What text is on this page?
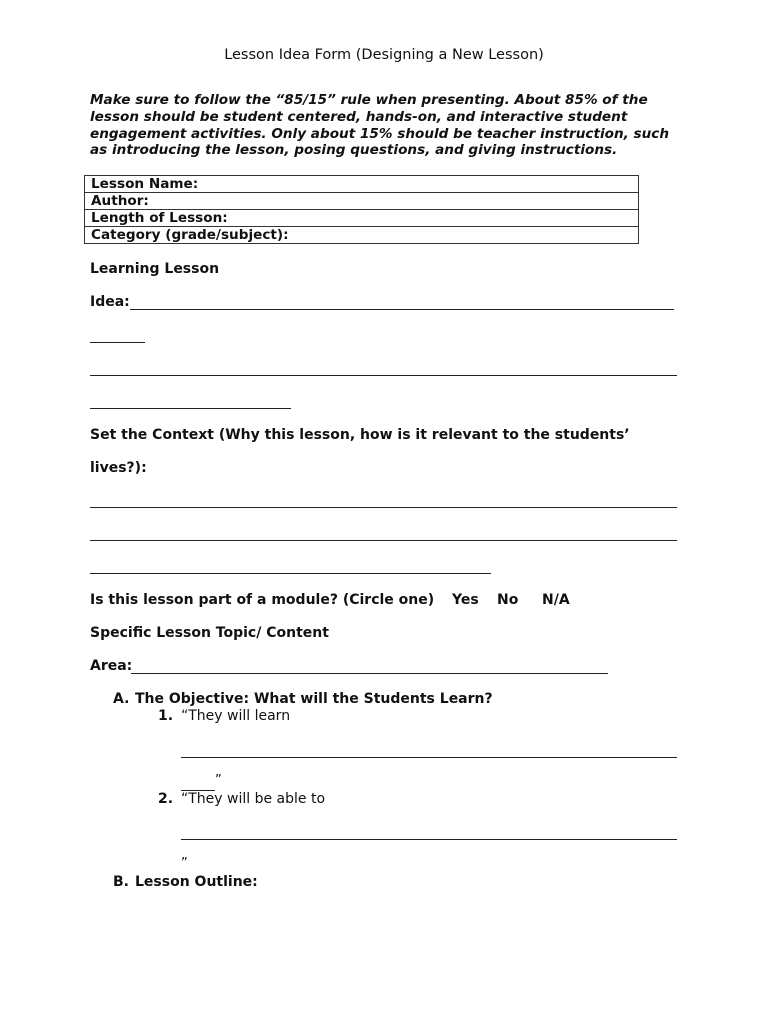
Lesson Idea Form (Designing a New Lesson)

Make sure to follow the “85/15” rule when presenting. About 85% of the lesson should be student centered, hands-on, and interactive student engagement activities. Only about 15% should be teacher instruction, such as introducing the lesson, posing questions, and giving instructions.

Lesson Name:
Author:
Length of Lesson:
Category (grade/subject):
Learning Lesson
Idea:
Set the Context (Why this lesson, how is it relevant to the students’
lives?):
Is this lesson part of a module? (Circle one) Yes No N/A
Specific Lesson Topic/ Content
Area:
A. The Objective: What will the Students Learn?
1. “They will learn
”
2. “They will be able to
”
B. Lesson Outline:
